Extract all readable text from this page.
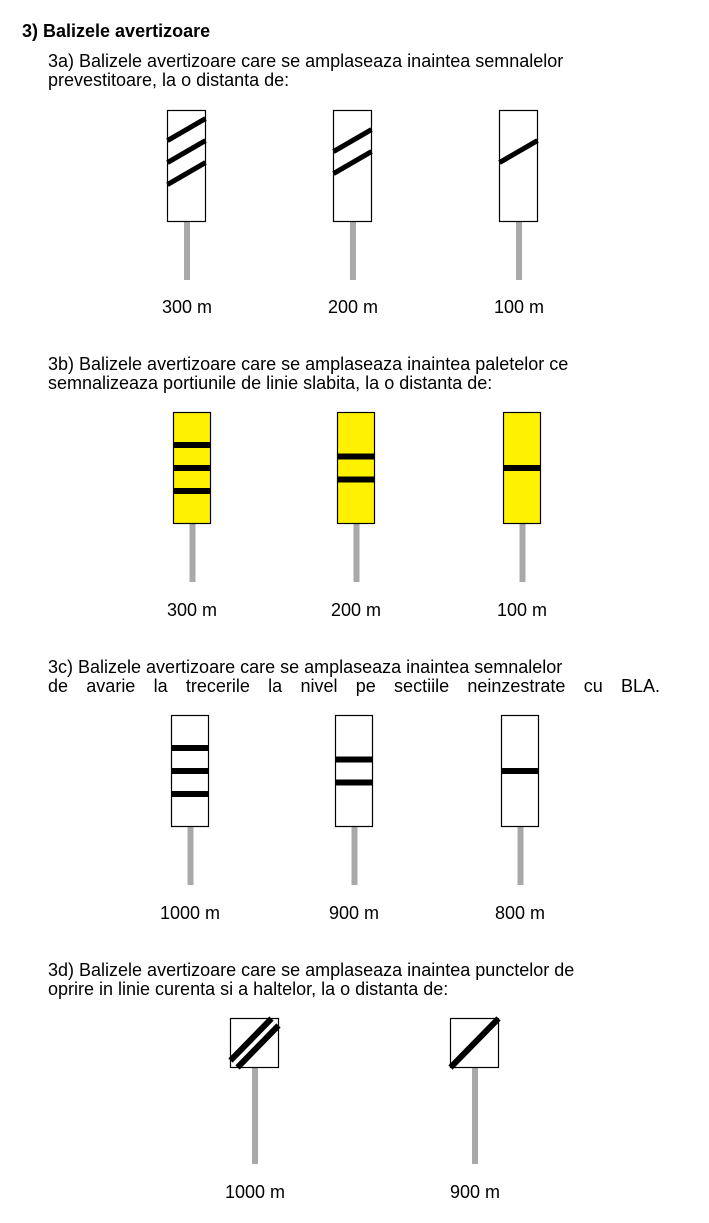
3) Balizele avertizoare

3a) Balizele avertizoare care se amplaseaza inaintea semnalelor
prevestitoare, la o distanta de:

300 m	200 m	100 m

3b) Balizele avertizoare care se amplaseaza inaintea paletelor ce
semnalizeaza portiunile de linie slabita, la o distanta de:

300 m	200 m	100 m

3c) Balizele avertizoare care se amplaseaza inaintea semnalelor
de avarie la trecerile la nivel pe sectiile neinzestrate cu BLA.

1000 m	900 m	800 m

3d) Balizele avertizoare care se amplaseaza inaintea punctelor de
oprire in linie curenta si a haltelor, la o distanta de:

1000 m	900 m
